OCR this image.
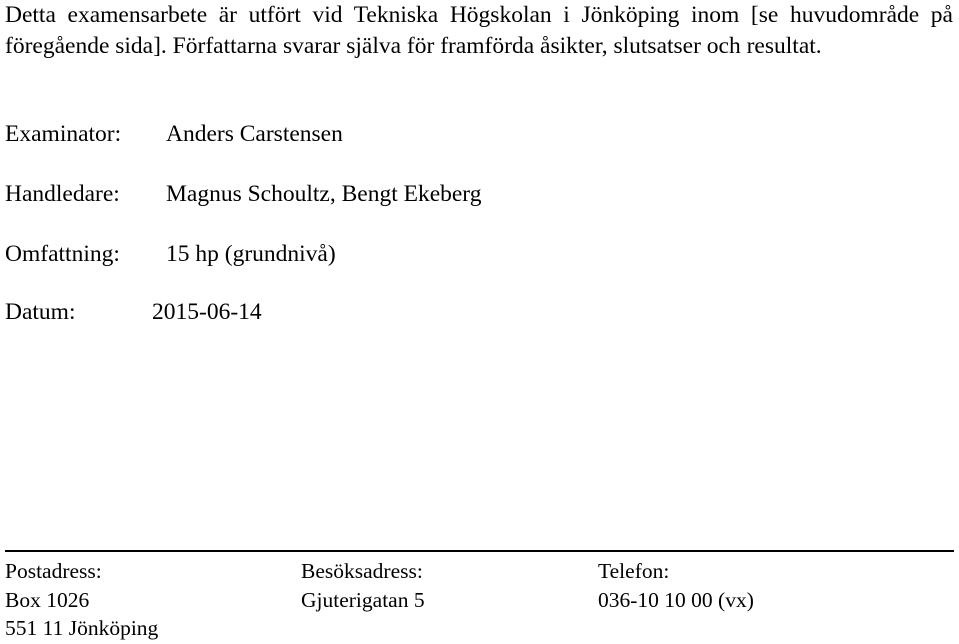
Detta examensarbete är utfört vid Tekniska Högskolan i Jönköping inom [se huvudområde på föregående sida]. Författarna svarar själva för framförda åsikter, slutsatser och resultat.

Examinator: Anders Carstensen
Handledare: Magnus Schoultz, Bengt Ekeberg
Omfattning: 15 hp (grundnivå)
Datum:	2015-06-14
Postadress:
Box 1026
551 11 Jönköping
Besöksadress:
Gjuterigatan 5
Telefon:
036-10 10 00 (vx)
